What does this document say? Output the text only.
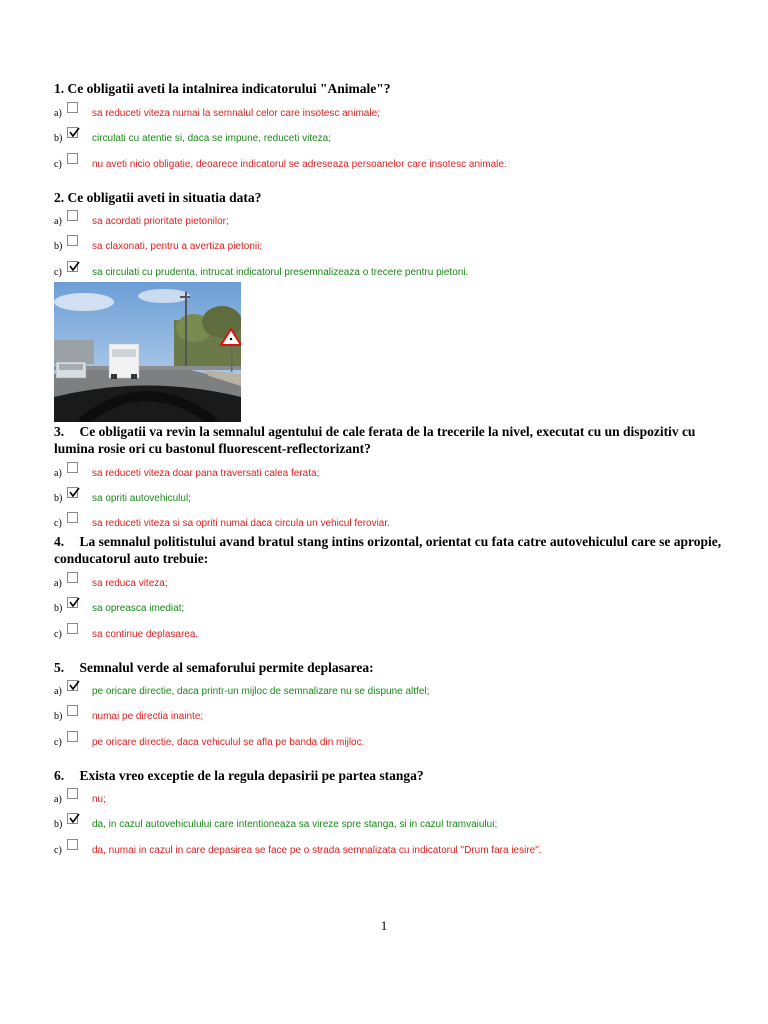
1. Ce obligatii aveti la intalnirea indicatorului "Animale"?
a)	sa reduceti viteza numai la semnalul celor care insotesc animale;
b)	circulati cu atentie si, daca se impune, reduceti viteza;
c)	nu aveti nicio obligatie, deoarece indicatorul se adreseaza persoanelor care insotesc animale.
2. Ce obligatii aveti in situatia data?
a)	sa acordati prioritate pietonilor;
b)	sa claxonati, pentru a avertiza pietonii;
c)	sa circulati cu prudenta, intrucat indicatorul presemnalizeaza o trecere pentru pietoni.
3. Ce obligatii va revin la semnalul agentului de cale ferata de la trecerile la nivel, executat cu un dispozitiv cu lumina rosie ori cu bastonul fluorescent-reflectorizant?
a)	sa reduceti viteza doar pana traversati calea ferata;
b)	sa opriti autovehiculul;
c)	sa reduceti viteza si sa opriti numai daca circula un vehicul feroviar.
4. La semnalul politistului avand bratul stang intins orizontal, orientat cu fata catre autovehiculul care se apropie, conducatorul auto trebuie:
a)	sa reduca viteza;
b)	sa opreasca imediat;
c)	sa continue deplasarea.
5. Semnalul verde al semaforului permite deplasarea:
a)	pe oricare directie, daca printr-un mijloc de semnalizare nu se dispune altfel;
b)	numai pe directia inainte;
c)	pe oricare directie, daca vehiculul se afla pe banda din mijloc.
6. Exista vreo exceptie de la regula depasirii pe partea stanga?
a)	nu;
b)	da, in cazul autovehiculului care intentioneaza sa vireze spre stanga, si in cazul tramvaiului;
c)	da, numai in cazul in care depasirea se face pe o strada semnalizata cu indicatorul "Drum fara iesire".
1
